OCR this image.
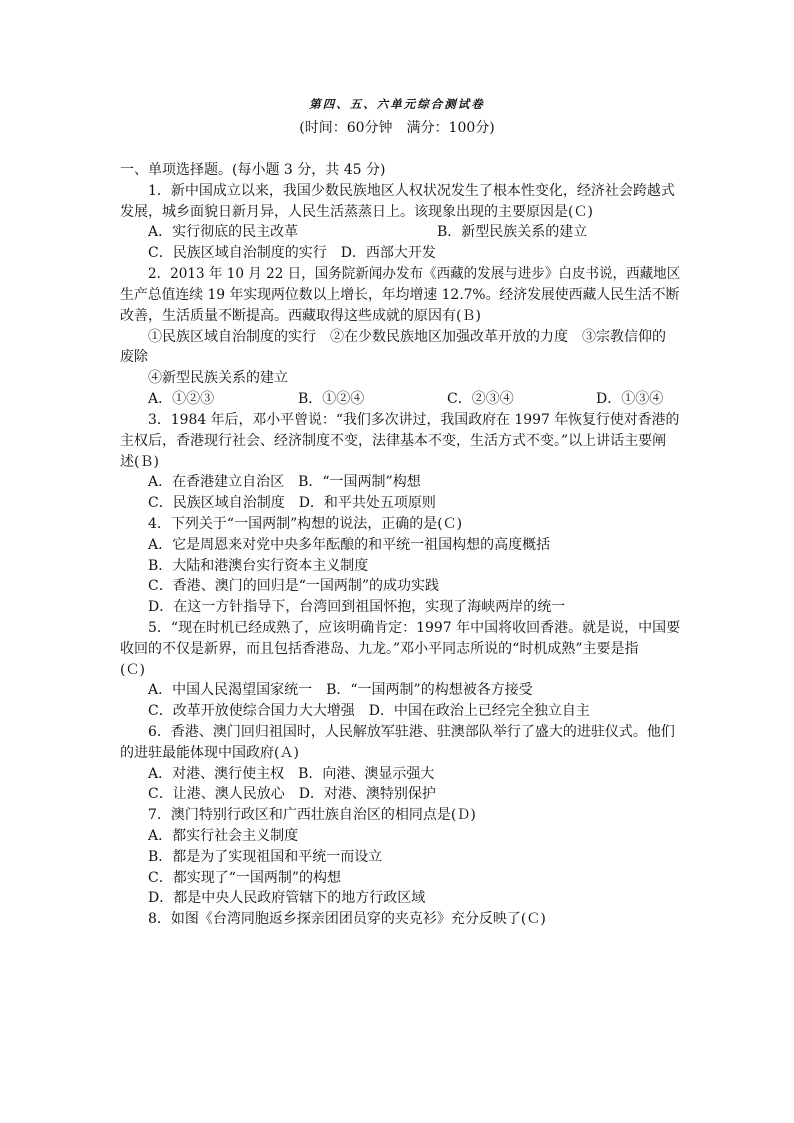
第四、五、六单元综合测试卷
(时间：60分钟　满分：100分)
一、单项选择题。(每小题 3 分，共 45 分)
1．新中国成立以来，我国少数民族地区人权状况发生了根本性变化，经济社会跨越式
发展，城乡面貌日新月异，人民生活蒸蒸日上。该现象出现的主要原因是(Ｃ)
A．实行彻底的民主改革	B．新型民族关系的建立
C．民族区域自治制度的实行　D．西部大开发
2．2013 年 10 月 22 日，国务院新闻办发布《西藏的发展与进步》白皮书说，西藏地区
生产总值连续 19 年实现两位数以上增长，年均增速 12.7%。经济发展使西藏人民生活不断
改善，生活质量不断提高。西藏取得这些成就的原因有(Ｂ)
①民族区域自治制度的实行　②在少数民族地区加强改革开放的力度　③宗教信仰的
废除
④新型民族关系的建立
A．①②③	B．①②④	C．②③④	D．①③④
3．1984 年后，邓小平曾说：“我们多次讲过，我国政府在 1997 年恢复行使对香港的
主权后，香港现行社会、经济制度不变，法律基本不变，生活方式不变。”以上讲话主要阐
述(Ｂ)
A．在香港建立自治区　B．“一国两制”构想
C．民族区域自治制度　D．和平共处五项原则
4．下列关于“一国两制”构想的说法，正确的是(Ｃ)
A．它是周恩来对党中央多年酝酿的和平统一祖国构想的高度概括
B．大陆和港澳台实行资本主义制度
C．香港、澳门的回归是“一国两制”的成功实践
D．在这一方针指导下，台湾回到祖国怀抱，实现了海峡两岸的统一
5．“现在时机已经成熟了，应该明确肯定：1997 年中国将收回香港。就是说，中国要
收回的不仅是新界，而且包括香港岛、九龙。”邓小平同志所说的“时机成熟”主要是指
(Ｃ)
A．中国人民渴望国家统一　B．“一国两制”的构想被各方接受
C．改革开放使综合国力大大增强　D．中国在政治上已经完全独立自主
6．香港、澳门回归祖国时，人民解放军驻港、驻澳部队举行了盛大的进驻仪式。他们
的进驻最能体现中国政府(Ａ)
A．对港、澳行使主权　B．向港、澳显示强大
C．让港、澳人民放心　D．对港、澳特别保护
7．澳门特别行政区和广西壮族自治区的相同点是(Ｄ)
A．都实行社会主义制度
B．都是为了实现祖国和平统一而设立
C．都实现了“一国两制”的构想
D．都是中央人民政府管辖下的地方行政区域
8．如图《台湾同胞返乡探亲团团员穿的夹克衫》充分反映了(Ｃ)
